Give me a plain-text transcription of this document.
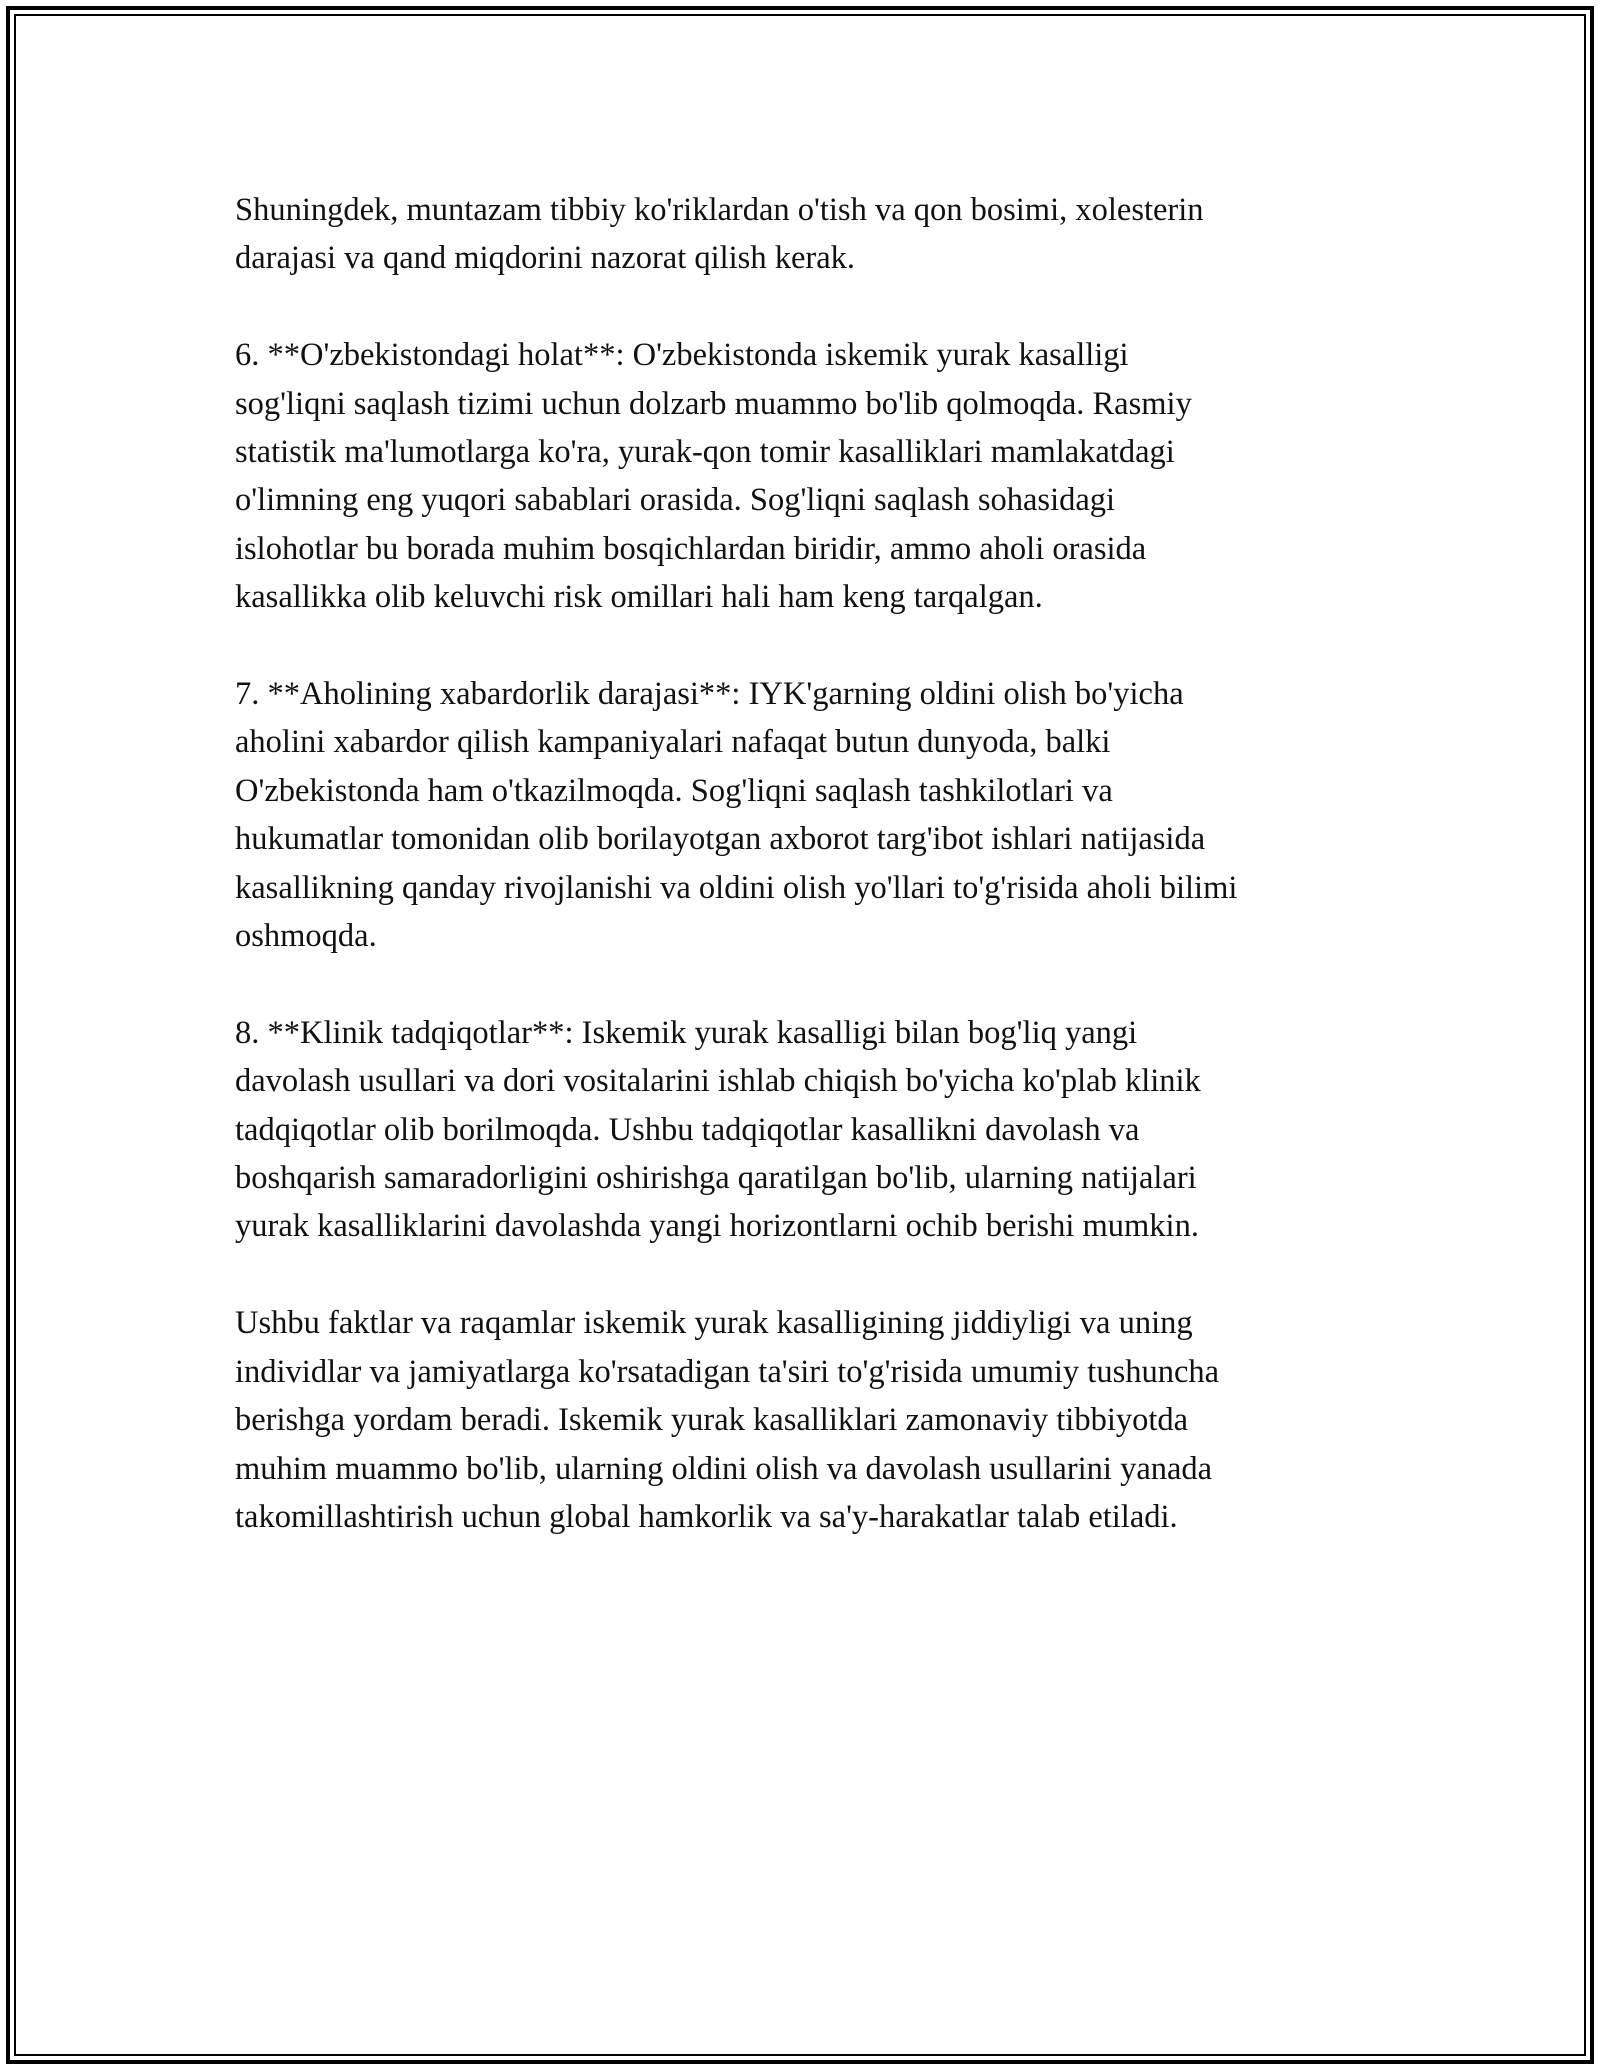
Shuningdek, muntazam tibbiy ko'riklardan o'tish va qon bosimi, xolesterin
darajasi va qand miqdorini nazorat qilish kerak.

6. **O'zbekistondagi holat**: O'zbekistonda iskemik yurak kasalligi
sog'liqni saqlash tizimi uchun dolzarb muammo bo'lib qolmoqda. Rasmiy
statistik ma'lumotlarga ko'ra, yurak-qon tomir kasalliklari mamlakatdagi
o'limning eng yuqori sabablari orasida. Sog'liqni saqlash sohasidagi
islohotlar bu borada muhim bosqichlardan biridir, ammo aholi orasida
kasallikka olib keluvchi risk omillari hali ham keng tarqalgan.

7. **Aholining xabardorlik darajasi**: IYK'garning oldini olish bo'yicha
aholini xabardor qilish kampaniyalari nafaqat butun dunyoda, balki
O'zbekistonda ham o'tkazilmoqda. Sog'liqni saqlash tashkilotlari va
hukumatlar tomonidan olib borilayotgan axborot targ'ibot ishlari natijasida
kasallikning qanday rivojlanishi va oldini olish yo'llari to'g'risida aholi bilimi
oshmoqda.

8. **Klinik tadqiqotlar**: Iskemik yurak kasalligi bilan bog'liq yangi
davolash usullari va dori vositalarini ishlab chiqish bo'yicha ko'plab klinik
tadqiqotlar olib borilmoqda. Ushbu tadqiqotlar kasallikni davolash va
boshqarish samaradorligini oshirishga qaratilgan bo'lib, ularning natijalari
yurak kasalliklarini davolashda yangi horizontlarni ochib berishi mumkin.

Ushbu faktlar va raqamlar iskemik yurak kasalligining jiddiyligi va uning
individlar va jamiyatlarga ko'rsatadigan ta'siri to'g'risida umumiy tushuncha
berishga yordam beradi. Iskemik yurak kasalliklari zamonaviy tibbiyotda
muhim muammo bo'lib, ularning oldini olish va davolash usullarini yanada
takomillashtirish uchun global hamkorlik va sa'y-harakatlar talab etiladi.
